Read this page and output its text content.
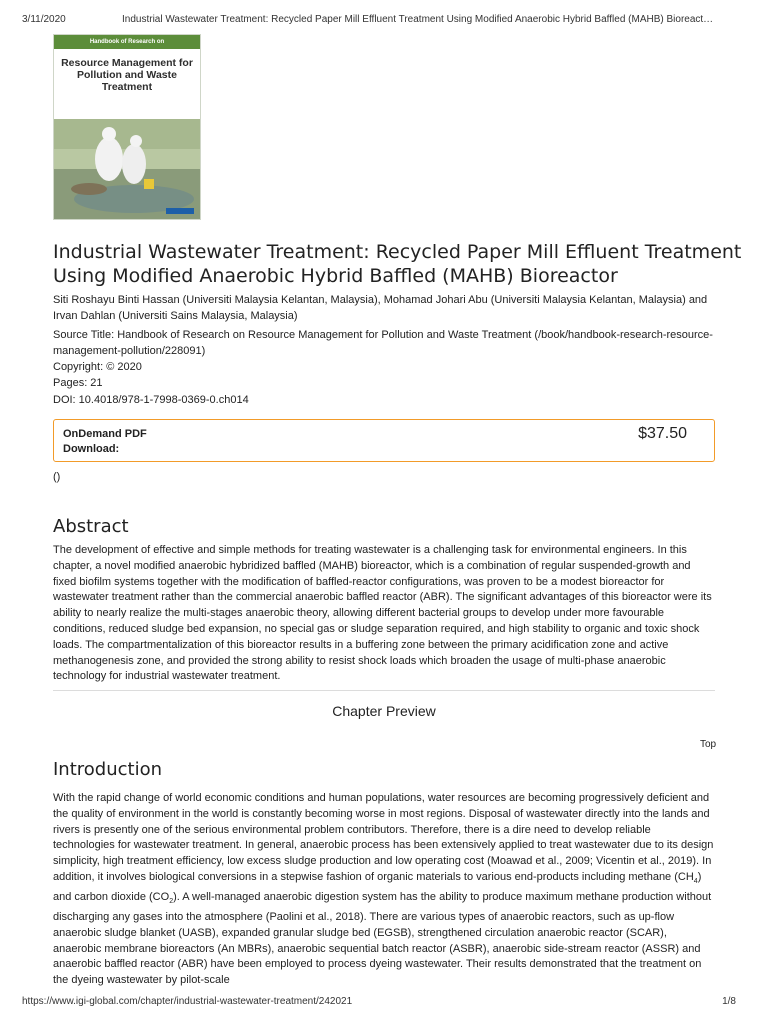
3/11/2020	Industrial Wastewater Treatment: Recycled Paper Mill Effluent Treatment Using Modified Anaerobic Hybrid Baffled (MAHB) Bioreact…
Handbook of Research on
Resource Management for Pollution and Waste Treatment
Industrial Wastewater Treatment: Recycled Paper Mill Effluent Treatment Using Modified Anaerobic Hybrid Baffled (MAHB) Bioreactor
Siti Roshayu Binti Hassan (Universiti Malaysia Kelantan, Malaysia), Mohamad Johari Abu (Universiti Malaysia Kelantan, Malaysia) and Irvan Dahlan (Universiti Sains Malaysia, Malaysia)
Source Title: Handbook of Research on Resource Management for Pollution and Waste Treatment (/book/handbook-research-resource-management-pollution/228091)
Copyright: © 2020
Pages: 21
DOI: 10.4018/978-1-7998-0369-0.ch014
OnDemand PDF
Download:
$37.50
()
Abstract

The development of effective and simple methods for treating wastewater is a challenging task for environmental engineers. In this chapter, a novel modified anaerobic hybridized baffled (MAHB) bioreactor, which is a combination of regular suspended-growth and fixed biofilm systems together with the modification of baffled-reactor configurations, was proven to be a modest bioreactor for wastewater treatment rather than the commercial anaerobic baffled reactor (ABR). The significant advantages of this bioreactor were its ability to nearly realize the multi-stages anaerobic theory, allowing different bacterial groups to develop under more favourable conditions, reduced sludge bed expansion, no special gas or sludge separation required, and high stability to organic and toxic shock loads. The compartmentalization of this bioreactor results in a buffering zone between the primary acidification zone and active methanogenesis zone, and provided the strong ability to resist shock loads which broaden the usage of multi-phase anaerobic technology for industrial wastewater treatment.

Chapter Preview
Top
Introduction

With the rapid change of world economic conditions and human populations, water resources are becoming progressively deficient and the quality of environment in the world is constantly becoming worse in most regions. Disposal of wastewater directly into the lands and rivers is presently one of the serious environmental problem contributors. Therefore, there is a dire need to develop reliable technologies for wastewater treatment. In general, anaerobic process has been extensively applied to treat wastewater due to its design simplicity, high treatment efficiency, low excess sludge production and low operating cost (Moawad et al., 2009; Vicentin et al., 2019). In addition, it involves biological conversions in a stepwise fashion of organic materials to various end-products including methane $(CH_4)$ and carbon dioxide $(CO_2)$. A well-managed anaerobic digestion system has the ability to produce maximum methane production without discharging any gases into the atmosphere (Paolini et al., 2018). There are various types of anaerobic reactors, such as up-flow anaerobic sludge blanket (UASB), expanded granular sludge bed (EGSB), strengthened circulation anaerobic reactor (SCAR), anaerobic membrane bioreactors (An MBRs), anaerobic sequential batch reactor (ASBR), anaerobic side-stream reactor (ASSR) and anaerobic baffled reactor (ABR) have been employed to process dyeing wastewater. Their results demonstrated that the treatment on the dyeing wastewater by pilot-scale

https://www.igi-global.com/chapter/industrial-wastewater-treatment/242021	1/8
